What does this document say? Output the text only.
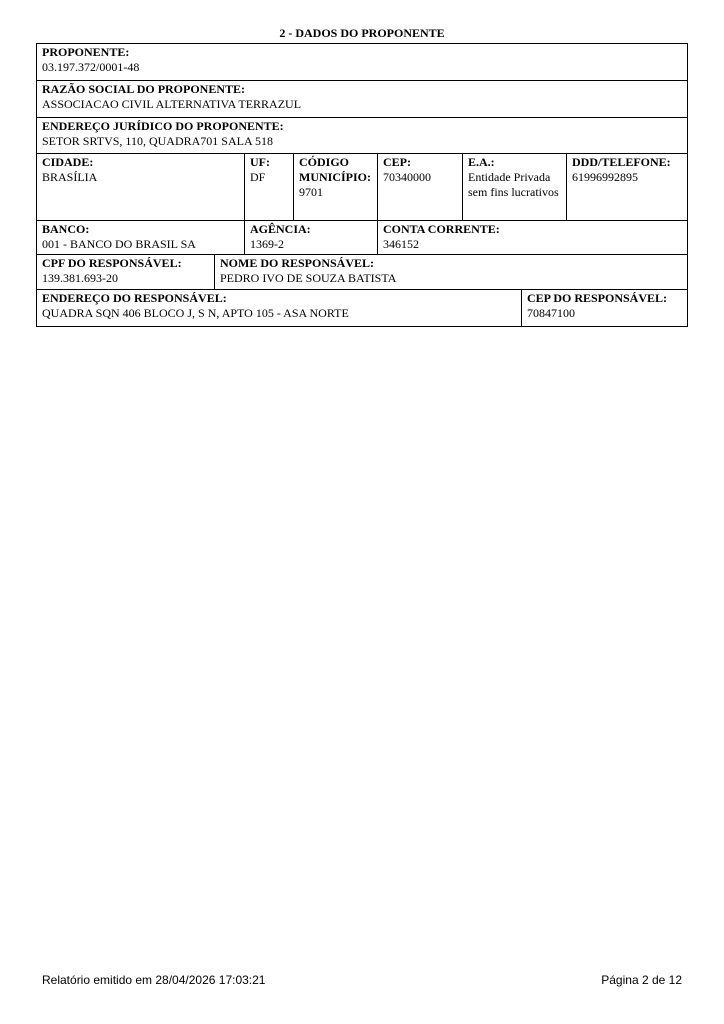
2 - DADOS DO PROPONENTE
PROPONENTE:
03.197.372/0001-48
RAZÃO SOCIAL DO PROPONENTE:
ASSOCIACAO CIVIL ALTERNATIVA TERRAZUL
ENDEREÇO JURÍDICO DO PROPONENTE:
SETOR SRTVS, 110, QUADRA701 SALA 518
CIDADE:
BRASÍLIA
UF:
DF
CÓDIGO
MUNICÍPIO:
9701
CEP:
70340000
E.A.:
Entidade Privada
sem fins lucrativos
DDD/TELEFONE:
61996992895
BANCO:
001 - BANCO DO BRASIL SA
AGÊNCIA:
1369-2
CONTA CORRENTE:
346152
CPF DO RESPONSÁVEL:
139.381.693-20
NOME DO RESPONSÁVEL:
PEDRO IVO DE SOUZA BATISTA
ENDEREÇO DO RESPONSÁVEL:
QUADRA SQN 406 BLOCO J, S N, APTO 105 - ASA NORTE
CEP DO RESPONSÁVEL:
70847100
Relatório emitido em 28/04/2026 17:03:21	Página 2 de 12
